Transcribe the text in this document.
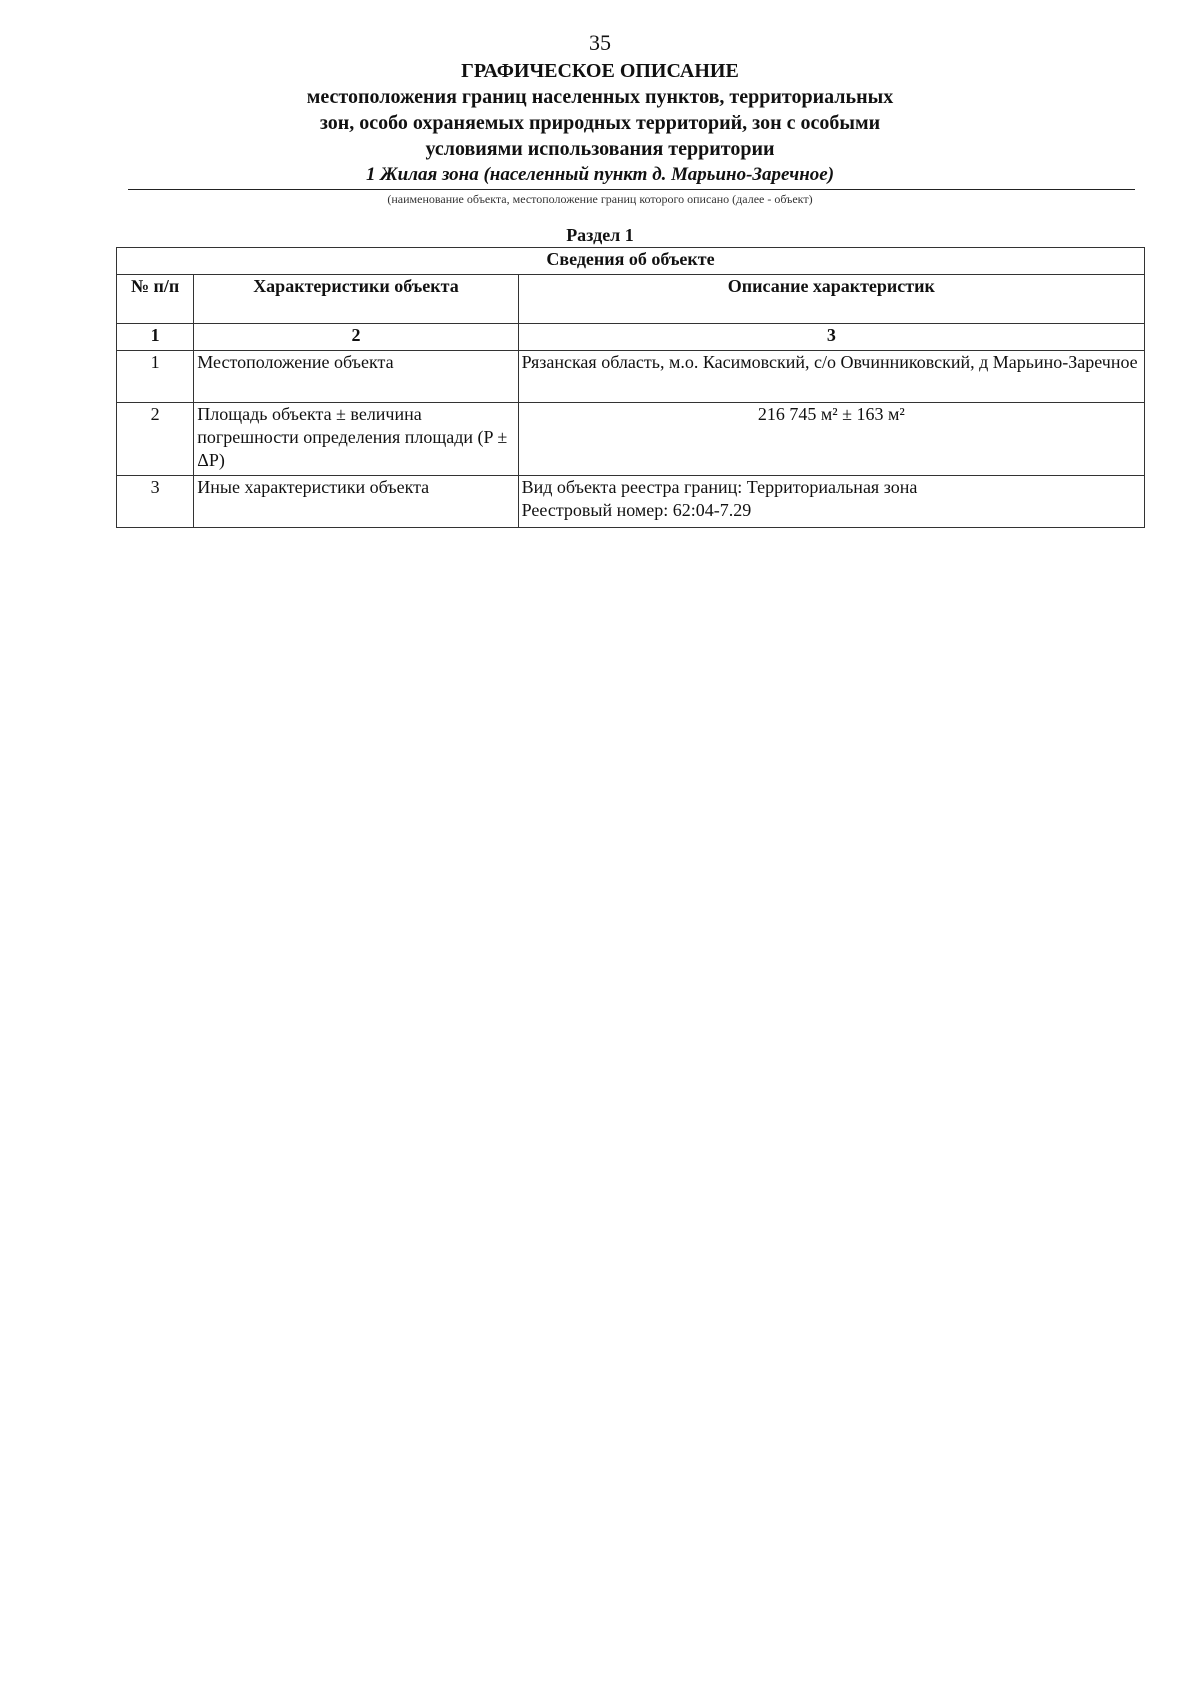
35
ГРАФИЧЕСКОЕ ОПИСАНИЕ
местоположения границ населенных пунктов, территориальных
зон, особо охраняемых природных территорий, зон с особыми
условиями использования территории
1 Жилая зона (населенный пункт д. Марьино-Заречное)
(наименование объекта, местоположение границ которого описано (далее - объект)
Раздел 1
Сведения об объекте		
№ п/п	Характеристики объекта	Описание характеристик
1	2	3
1	Местоположение объекта	Рязанская область, м.о. Касимовский, с/о Овчинниковский, д Марьино-Заречное
2	Площадь объекта ± величина погрешности определения площади (P ± ΔP)	216 745 м² ± 163 м²
3	Иные характеристики объекта	Вид объекта реестра границ: Территориальная зона
Реестровый номер: 62:04-7.29
